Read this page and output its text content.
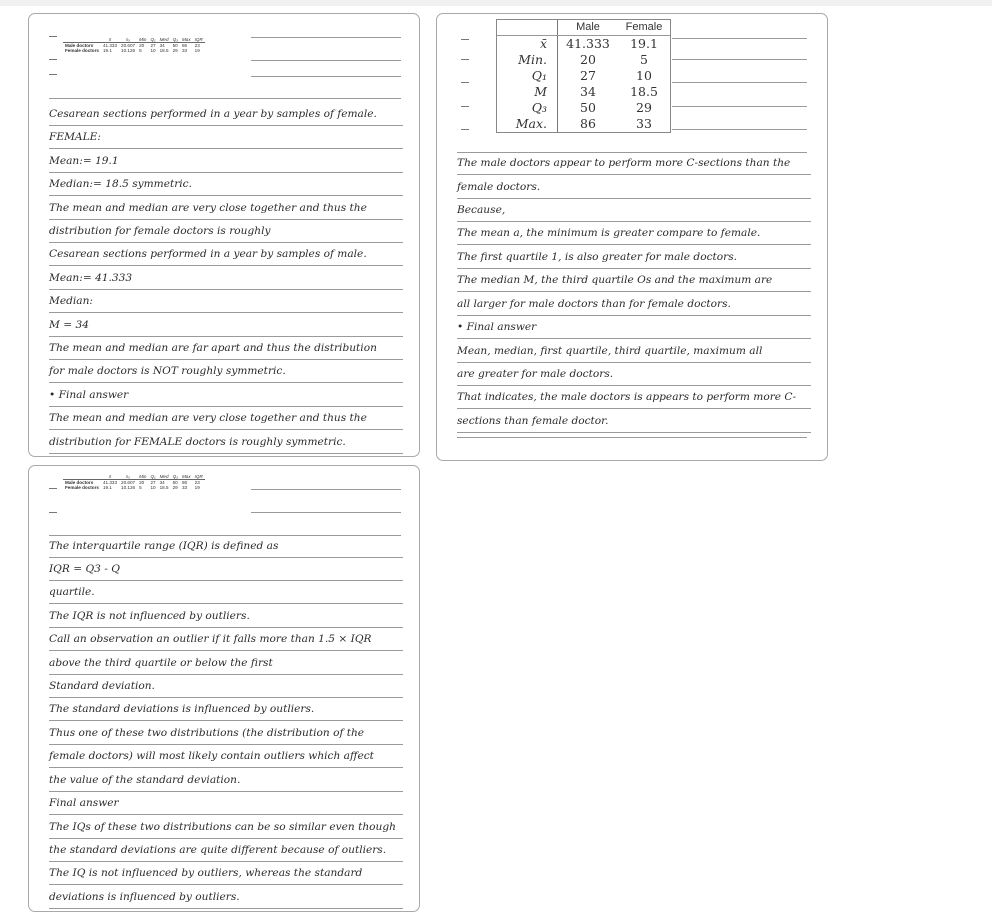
	x̄	sₓ	Min	Q₁	Med	Q₃	Max	IQR
Male doctors	41.333	20.607	20	27	34	50	86	23
Female doctors	19.1	10.126	5	10	18.5	29	33	19
Cesarean sections performed in a year by samples of female.
FEMALE:
Mean:= 19.1
Median:= 18.5 symmetric.
The mean and median are very close together and thus the
distribution for female doctors is roughly
Cesarean sections performed in a year by samples of male.
Mean:= 41.333
Median:
M = 34
The mean and median are far apart and thus the distribution
for male doctors is NOT roughly symmetric.
• Final answer
The mean and median are very close together and thus the
distribution for FEMALE doctors is roughly symmetric.
	Male	Female
x̄	41.333	19.1
Min.	20	5
Q₁	27	10
M	34	18.5
Q₃	50	29
Max.	86	33
The male doctors appear to perform more C-sections than the
female doctors.
Because,
The mean a, the minimum is greater compare to female.
The first quartile 1, is also greater for male doctors.
The median M, the third quartile Os and the maximum are
all larger for male doctors than for female doctors.
• Final answer
Mean, median, first quartile, third quartile, maximum all
are greater for male doctors.
That indicates, the male doctors is appears to perform more C-
sections than female doctor.
	x̄	sₓ	Min	Q₁	Med	Q₃	Max	IQR
Male doctors	41.333	20.607	20	27	34	50	86	23
Female doctors	19.1	10.126	5	10	18.5	29	33	19
The interquartile range (IQR) is defined as
IQR = Q3 - Q
quartile.
The IQR is not influenced by outliers.
Call an observation an outlier if it falls more than 1.5 × IQR
above the third quartile or below the first
Standard deviation.
The standard deviations is influenced by outliers.
Thus one of these two distributions (the distribution of the
female doctors) will most likely contain outliers which affect
the value of the standard deviation.
Final answer
The IQs of these two distributions can be so similar even though
the standard deviations are quite different because of outliers.
The IQ is not influenced by outliers, whereas the standard
deviations is influenced by outliers.
